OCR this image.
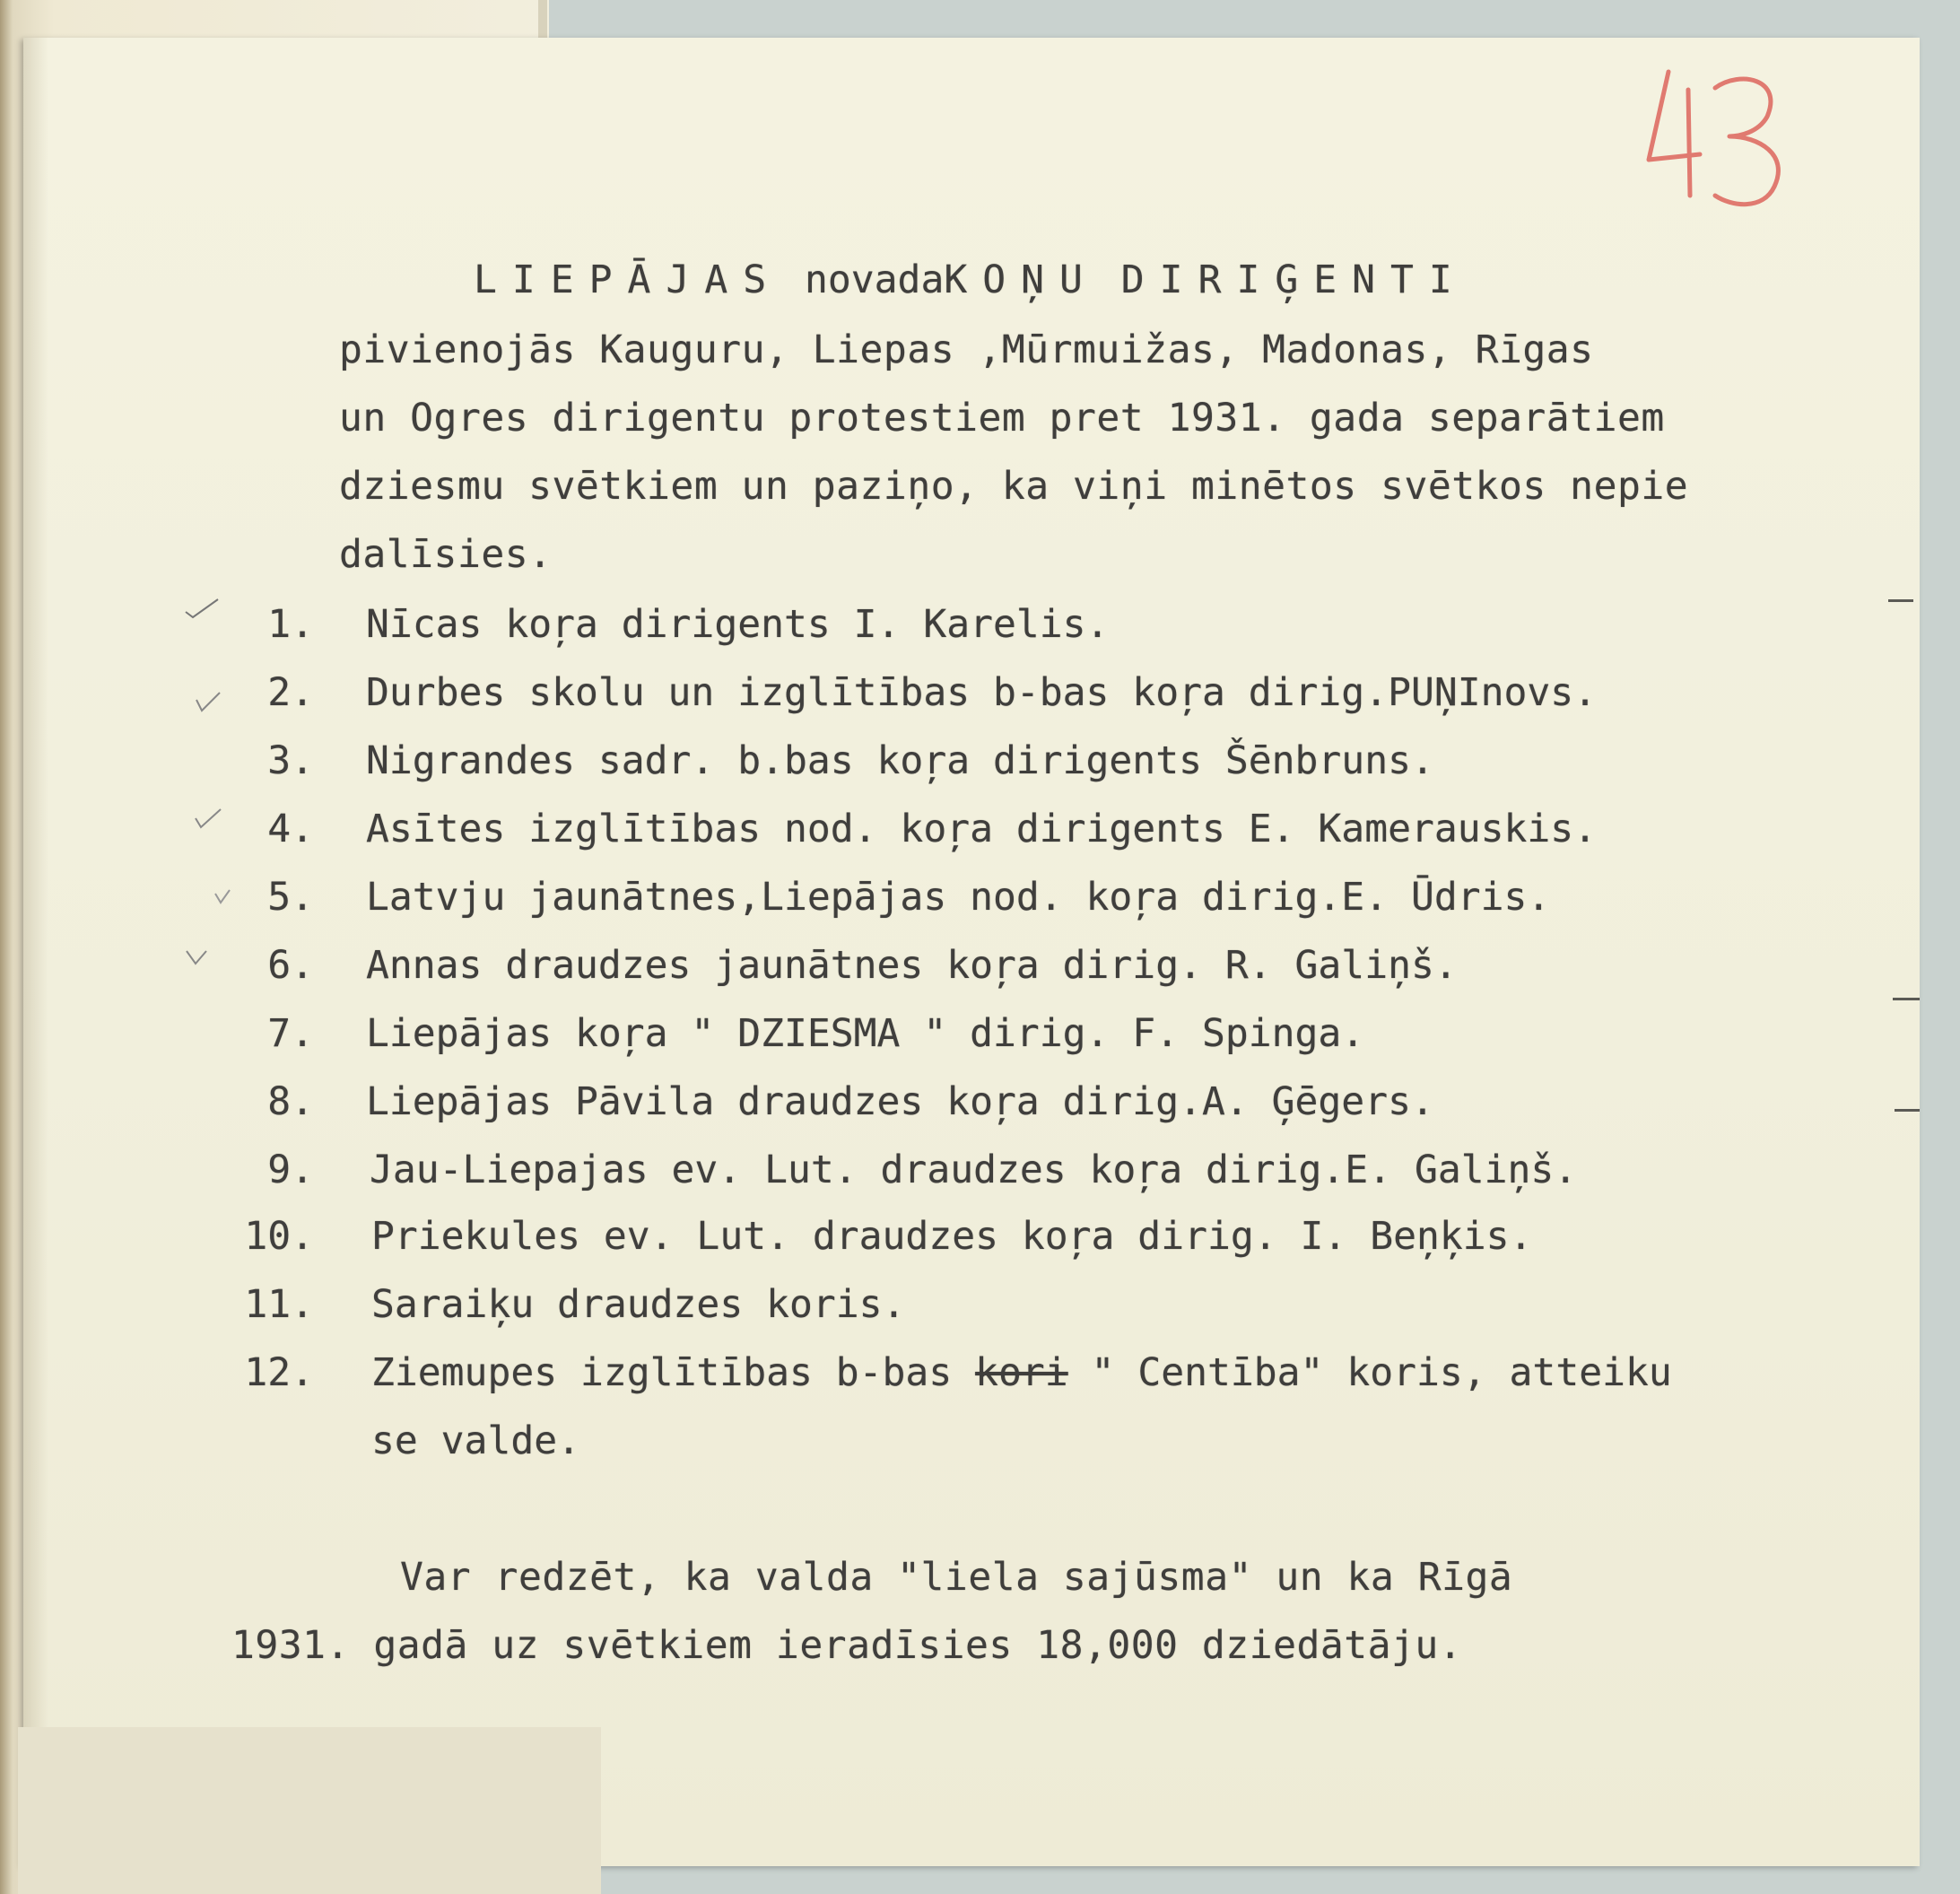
LIEPĀJAS novadaKOŅU DIRIĢENTI
pivienojās Kauguru, Liepas ,Mūrmuižas, Madonas, Rīgas
un Ogres dirigentu protestiem pret 1931. gada separātiem
dziesmu svētkiem un paziņo, ka viņi minētos svētkos nepie
dalīsies.
1. Nīcas koŗa dirigents I. Karelis.
2. Durbes skolu un izglītības b-bas koŗa dirig.PUŅInovs.
3. Nigrandes sadr. b.bas koŗa dirigents Šēnbruns.
4. Asītes izglītības nod. koŗa dirigents E. Kamerauskis.
5. Latvju jaunātnes,Liepājas nod. koŗa dirig.E. Ūdris.
6. Annas draudzes jaunātnes koŗa dirig. R. Galiņš.
7. Liepājas koŗa " DZIESMA " dirig. F. Spinga.
8. Liepājas Pāvila draudzes koŗa dirig.A. Ģēgers.
9. Jau-Liepajas ev. Lut. draudzes koŗa dirig.E. Galiņš.
10. Priekules ev. Lut. draudzes koŗa dirig. I. Beņķis.
11. Saraiķu draudzes koris.
12. Ziemupes izglītības b-bas kori " Centība" koris, atteiku
se valde.
Var redzēt, ka valda "liela sajūsma" un ka Rīgā
1931. gadā uz svētkiem ieradīsies 18,000 dziedātāju.
